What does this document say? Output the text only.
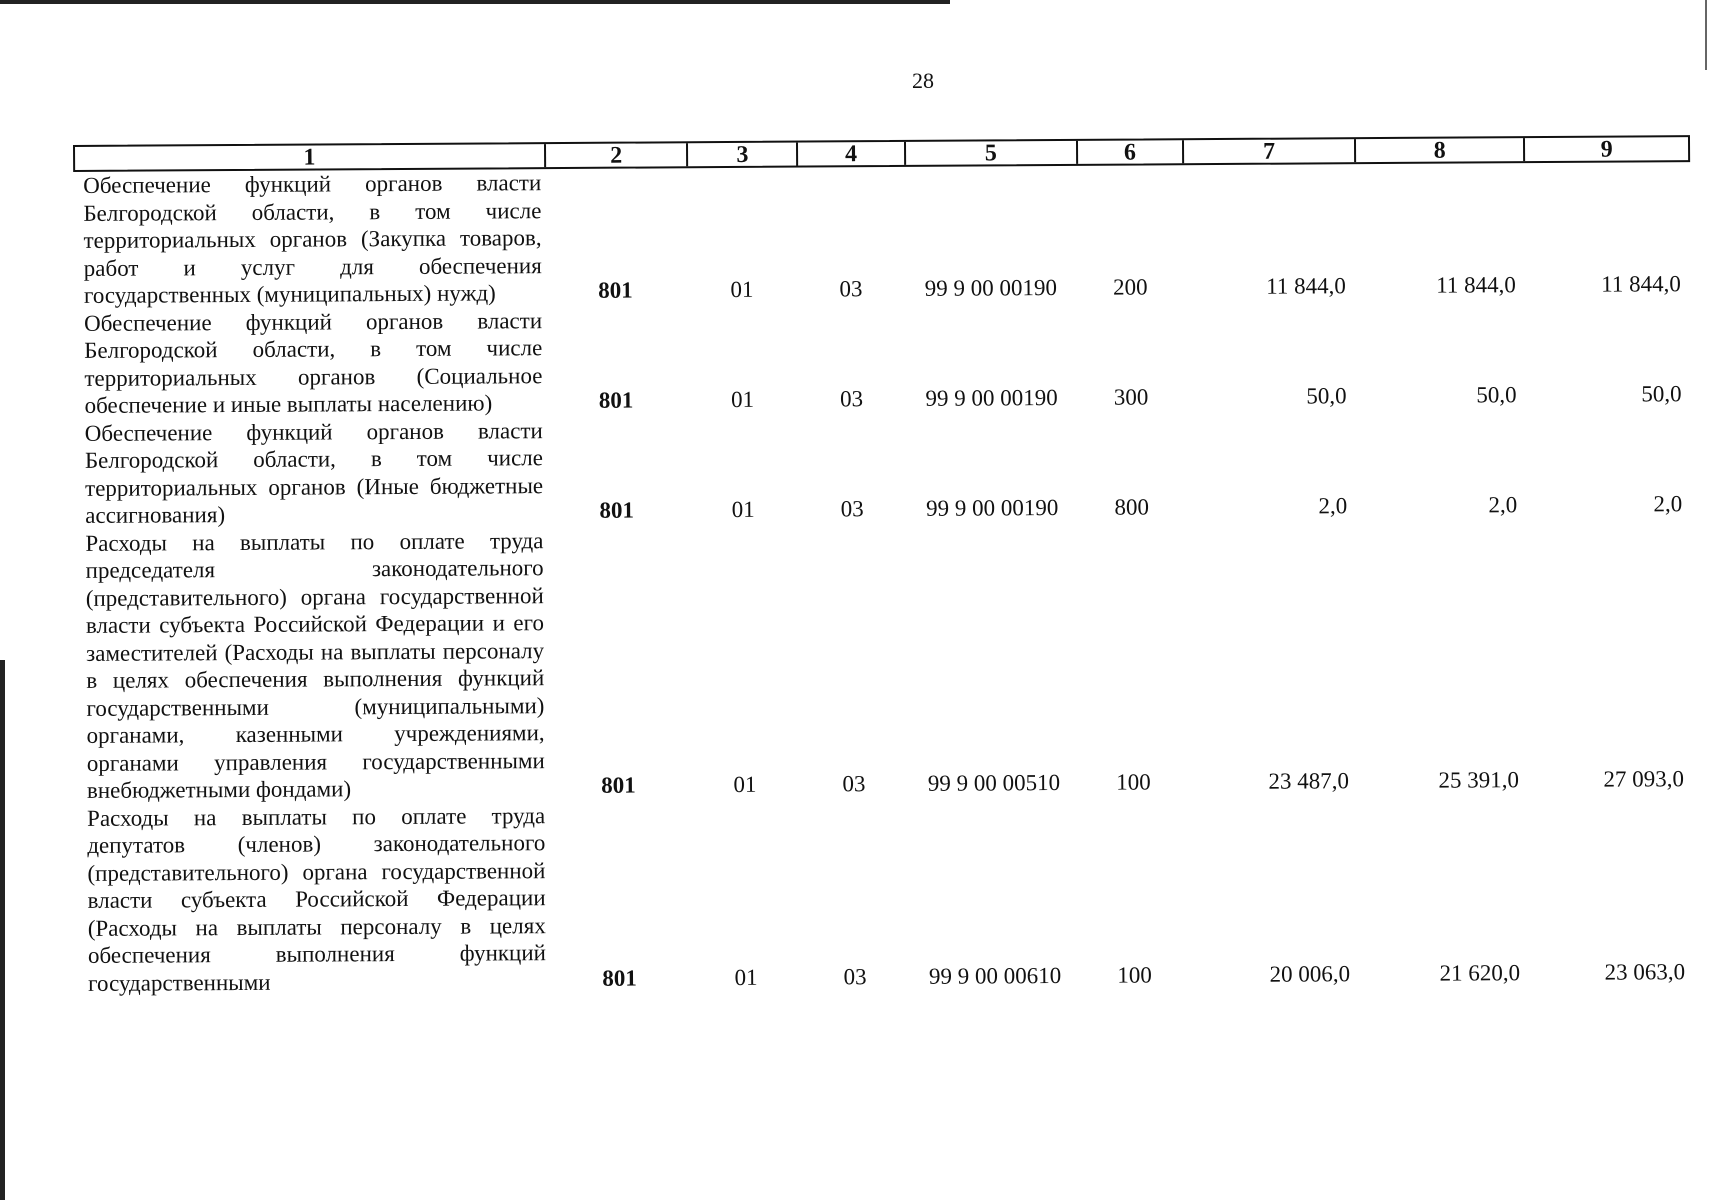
28
1	2	3	4	5	6	7	8	9
Обеспечение функций органов власти Белгородской области, в том числе территориальных органов (Закупка товаров, работ и услуг для обеспечения государственных (муниципальных) нужд)	801	01	03	99 9 00 00190	200	11 844,0	11 844,0	11 844,0
Обеспечение функций органов власти Белгородской области, в том числе территориальных органов (Социальное обеспечение и иные выплаты населению)	801	01	03	99 9 00 00190	300	50,0	50,0	50,0
Обеспечение функций органов власти Белгородской области, в том числе территориальных органов (Иные бюджетные ассигнования)	801	01	03	99 9 00 00190	800	2,0	2,0	2,0
Расходы на выплаты по оплате труда председателя законодательного (представительного) органа государственной власти субъекта Российской Федерации и его заместителей (Расходы на выплаты персоналу в целях обеспечения выполнения функций государственными (муниципальными) органами, казенными учреждениями, органами управления государственными внебюджетными фондами)	801	01	03	99 9 00 00510	100	23 487,0	25 391,0	27 093,0
Расходы на выплаты по оплате труда депутатов (членов) законодательного (представительного) органа государственной власти субъекта Российской Федерации (Расходы на выплаты персоналу в целях обеспечения выполнения функций государственными	801	01	03	99 9 00 00610	100	20 006,0	21 620,0	23 063,0
